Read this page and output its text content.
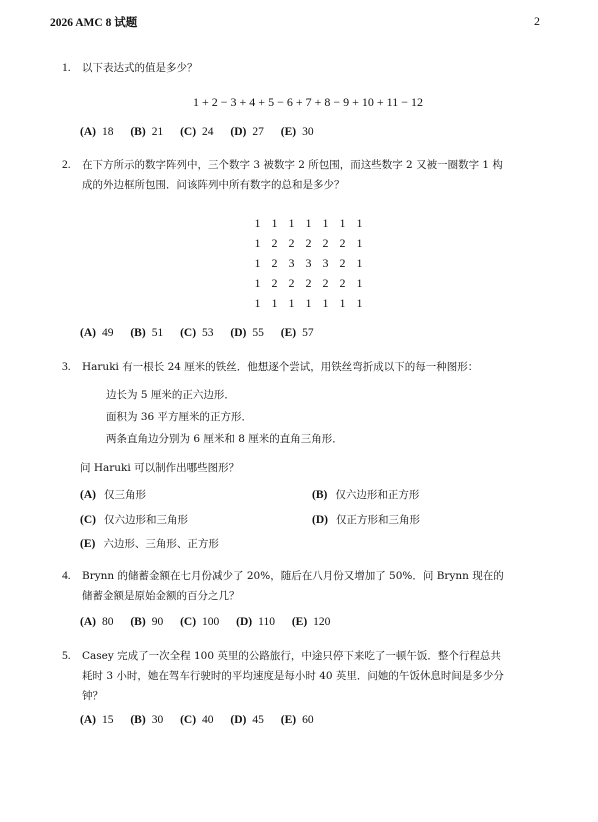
2026 AMC 8 试题	2
1.	以下表达式的值是多少？
1 + 2 − 3 + 4 + 5 − 6 + 7 + 8 − 9 + 10 + 11 − 12
(A) 18 (B) 21 (C) 24 (D) 27 (E) 30
2.	在下方所示的数字阵列中，三个数字 3 被数字 2 所包围，而这些数字 2 又被一圈数字 1 构
成的外边框所包围．问该阵列中所有数字的总和是多少？
1	1	1	1	1	1	1
1	2	2	2	2	2	1
1	2	3	3	3	2	1
1	2	2	2	2	2	1
1	1	1	1	1	1	1
(A) 49 (B) 51 (C) 53 (D) 55 (E) 57
3.	Haruki 有一根长 24 厘米的铁丝．他想逐个尝试，用铁丝弯折成以下的每一种图形：
边长为 5 厘米的正六边形．
面积为 36 平方厘米的正方形．
两条直角边分别为 6 厘米和 8 厘米的直角三角形．
问 Haruki 可以制作出哪些图形？
(A) 仅三角形	(B) 仅六边形和正方形
(C) 仅六边形和三角形	(D) 仅正方形和三角形
(E) 六边形、三角形、正方形
4.	Brynn 的储蓄金额在七月份减少了 20%，随后在八月份又增加了 50%．问 Brynn 现在的
储蓄金额是原始金额的百分之几？
(A) 80 (B) 90 (C) 100 (D) 110 (E) 120
5.	Casey 完成了一次全程 100 英里的公路旅行，中途只停下来吃了一顿午饭．整个行程总共
耗时 3 小时，她在驾车行驶时的平均速度是每小时 40 英里．问她的午饭休息时间是多少分
钟？
(A) 15 (B) 30 (C) 40 (D) 45 (E) 60
